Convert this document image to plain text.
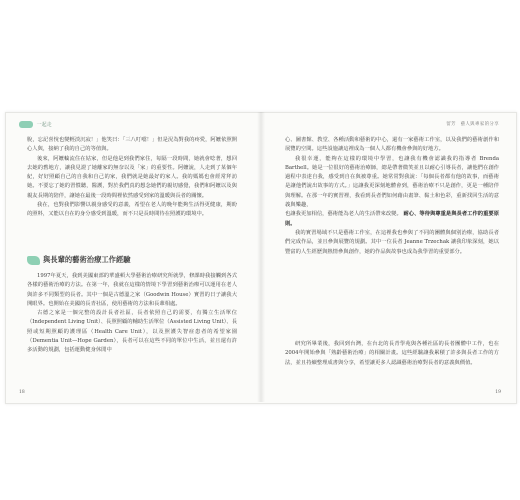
一起走

脫，忘記喜悅也變輕淡沉寂！」他笑曰：「三八叮噹！」但是況為對我的疼愛，阿嬤依照開心人與，接納了我的自己的等值與。

後來，阿嬤輪流住在姑家，但是他是到我們家住，每隔一段時間，她就會唸著，想回去她的舊地方，讓我見證了她離家的無奈以及「家」的重要性。阿嬤說，人走到了某個年紀，好好照顧自己的自我和自己的家，我們就是她最好的家人。我的媽媽也會經常拜訪她。不要忘了她的習慣聽，醫護，對於我們真的想念她們的親切感覺，我們和阿嬤以及與親友長期的陪伴，讓她在最後一段時間裡依然感受到家的溫暖與長者的關懷。

我在，也對我們影響以親身感受的意義，希望在老人的晚年能夠生活得更健康，期盼的照料，又能以自在的身分感受到溫暖，而不只是長時間待在照護的環境中。

與長輩的藝術治療工作經驗

1997年夏天，我到美國東部的華盛頓大學藝術治療研究所就學，修課時我接觸到各式各樣的藝術治療的方法。在第一年，我就在這樣的情境下學習到藝術治療可以運用在老人與許多不同類型的長者。其中一個是古德溫之家（Goodwin House）實習的日子讓我大開眼界。也開始在美國的長青社區，使用藝術的方法和長輩相處。

古德之家是一個完整的設計長者社區，長者依照自己的需要，有獨立生活單位（Independent Living Unit）、長照照顧的輔助生活單位（Assisted Living Unit）、長照或短期照顧的護理區（Health Care Unit），以及照護失智症患者的希望家園（Dementia Unit—Hope Garden），長者可以在這些不同的單位中生活，並且還有許多活動的規劃，包括運動健身休閒中

18
留芳　藝人與專家的分享

心、圖書館、教堂、各種活動和藝術的中心，還有一家藝術工作室，以及我們的藝術創作和展覽的空間。這些設施讓這裡成為一個人人都有機會參與的好地方。

我很幸運，能夠在這樣的環境中學習，也讓我有機會認識我的指導者 Brenda Barthell。她是一位很好的藝術治療師，總是帶著微笑並且以耐心引導長者，讓他們在創作過程中表達自我，感受到自在與被尊重。她常常對我說：「每個長者都有他的故事，而藝術是讓他們說出故事的方式。」這讓我更深刻地體會到，藝術治療不只是創作，更是一種陪伴與理解。在那一年的實習裡，我看到長者們如何藉由畫筆、黏土和色彩，重新找回生活的意義與樂趣，

也讓我更加相信，藝術能為老人的生活帶來改變。 耐心、等待與尊重是與長者工作的重要原則。

我的實習場域不只是藝術工作室，在這裡我也參與了不同的團體與個別治療，協助長者們完成作品，並且參與展覽的規劃。其中一位長者 Jeanne Trzechak 讓我印象深刻，她以豐富的人生經歷與熱情參與創作，她的作品與故事也成為我學習的重要部分。

研究所畢業後，我回到台灣，在台北的長青學苑與各種社區的長者團體中工作，也在2004年開始參與「熟齡藝術治療」的相關計畫。這些經驗讓我累積了許多與長者工作的方法，並且持續整理成書與分享，希望讓更多人認識藝術治療對長者的意義與價值。

19
